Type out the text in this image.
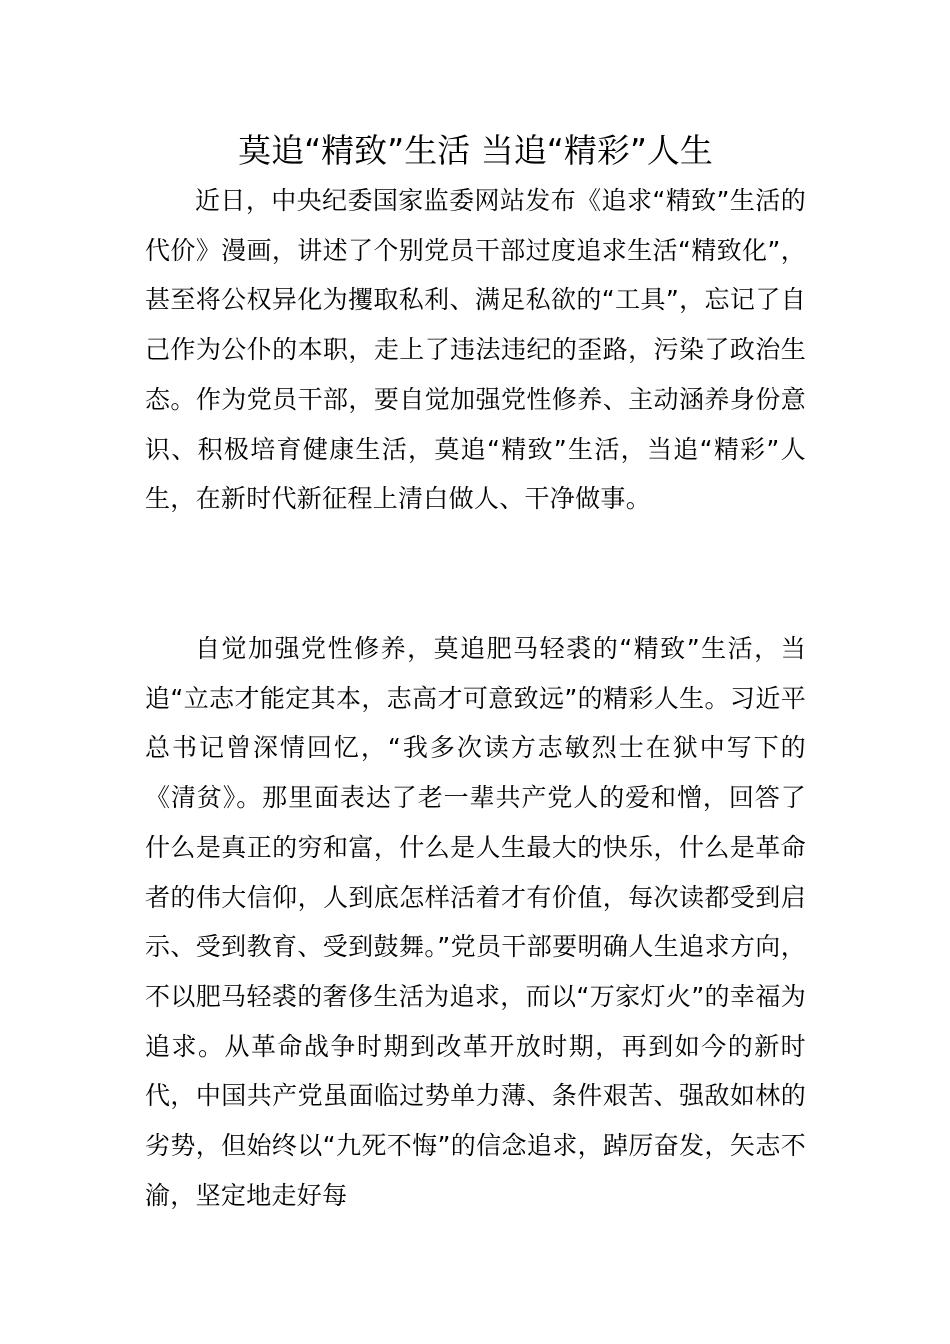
莫追“精致”生活 当追“精彩”人生

近日，中央纪委国家监委网站发布《追求“精致”生活的代价》漫画，讲述了个别党员干部过度追求生活“精致化”，甚至将公权异化为攫取私利、满足私欲的“工具”，忘记了自己作为公仆的本职，走上了违法违纪的歪路，污染了政治生态。作为党员干部，要自觉加强党性修养、主动涵养身份意识、积极培育健康生活，莫追“精致”生活，当追“精彩”人生，在新时代新征程上清白做人、干净做事。

自觉加强党性修养，莫追肥马轻裘的“精致”生活，当追“立志才能定其本，志高才可意致远”的精彩人生。习近平总书记曾深情回忆，“我多次读方志敏烈士在狱中写下的《清贫》。那里面表达了老一辈共产党人的爱和憎，回答了什么是真正的穷和富，什么是人生最大的快乐，什么是革命者的伟大信仰，人到底怎样活着才有价值，每次读都受到启示、受到教育、受到鼓舞。”党员干部要明确人生追求方向，不以肥马轻裘的奢侈生活为追求，而以“万家灯火”的幸福为追求。从革命战争时期到改革开放时期，再到如今的新时代，中国共产党虽面临过势单力薄、条件艰苦、强敌如林的劣势，但始终以“九死不悔”的信念追求，踔厉奋发，矢志不渝，坚定地走好每
